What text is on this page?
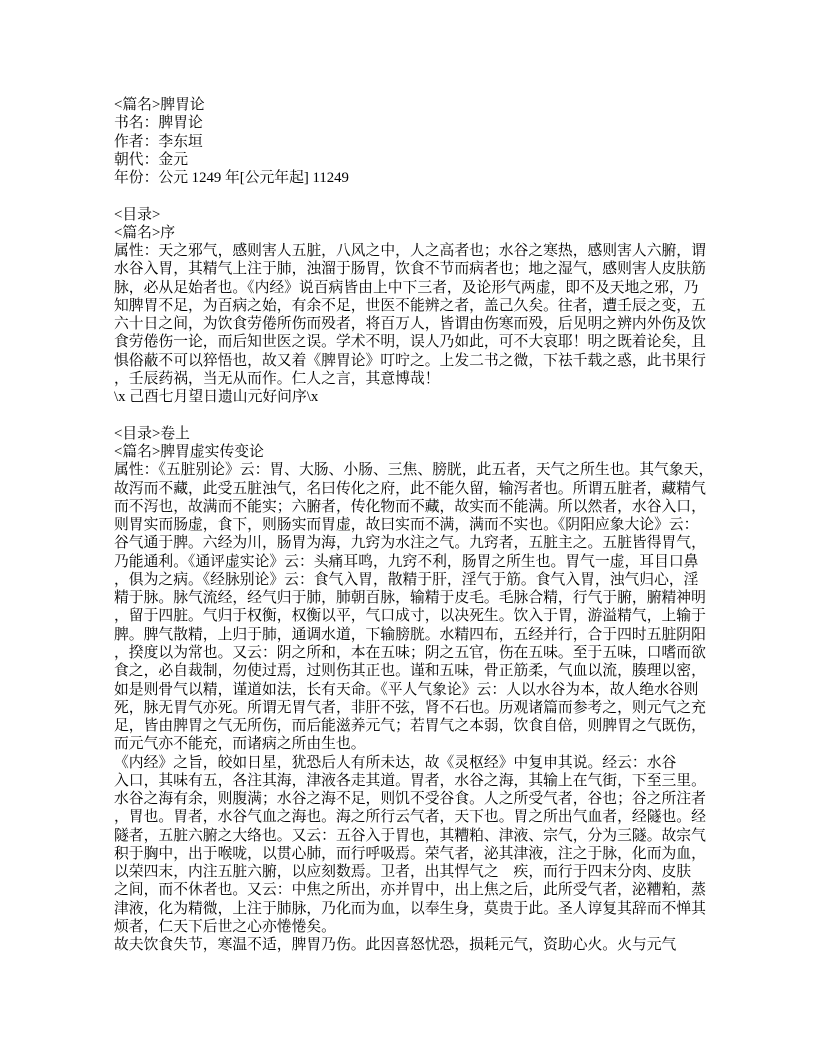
<篇名>脾胃论
书名：脾胃论
作者：李东垣
朝代：金元
年份：公元 1249 年[公元年起] 11249
<目录>
<篇名>序
属性：天之邪气，感则害人五脏，八风之中，人之高者也；水谷之寒热，感则害人六腑，谓
水谷入胃，其精气上注于肺，浊溜于肠胃，饮食不节而病者也；地之湿气，感则害人皮肤筋
脉，必从足始者也。《内经》说百病皆由上中下三者，及论形气两虚，即不及天地之邪，乃
知脾胃不足，为百病之始，有余不足，世医不能辨之者，盖己久矣。往者，遭壬辰之变，五
六十日之间，为饮食劳倦所伤而殁者，将百万人，皆谓由伤寒而殁，后见明之辨内外伤及饮
食劳倦伤一论，而后知世医之误。学术不明，误人乃如此，可不大哀耶！明之既着论矣，且
惧俗蔽不可以猝悟也，故又着《脾胃论》叮咛之。上发二书之微，下祛千载之惑，此书果行
，壬辰药祸，当无从而作。仁人之言，其意博哉！
\x 己酉七月望日遗山元好问序\x
<目录>卷上
<篇名>脾胃虚实传变论
属性：《五脏别论》云：胃、大肠、小肠、三焦、膀胱，此五者，天气之所生也。其气象天，
故泻而不藏，此受五脏浊气，名曰传化之府，此不能久留，输泻者也。所谓五脏者，藏精气
而不泻也，故满而不能实；六腑者，传化物而不藏，故实而不能满。所以然者，水谷入口，
则胃实而肠虚，食下，则肠实而胃虚，故曰实而不满，满而不实也。《阴阳应象大论》云：
谷气通于脾。六经为川，肠胃为海，九窍为水注之气。九窍者，五脏主之。五脏皆得胃气，
乃能通利。《通评虚实论》云：头痛耳鸣，九窍不利，肠胃之所生也。胃气一虚，耳目口鼻
，俱为之病。《经脉别论》云：食气入胃，散精于肝，淫气于筋。食气入胃，浊气归心，淫
精于脉。脉气流经，经气归于肺，肺朝百脉，输精于皮毛。毛脉合精，行气于腑，腑精神明
，留于四脏。气归于权衡，权衡以平，气口成寸，以决死生。饮入于胃，游溢精气，上输于
脾。脾气散精，上归于肺，通调水道，下输膀胱。水精四布，五经并行，合于四时五脏阴阳
，揆度以为常也。又云：阴之所和，本在五味；阴之五官，伤在五味。至于五味，口嗜而欲
食之，必自裁制，勿使过焉，过则伤其正也。谨和五味，骨正筋柔，气血以流，腠理以密，
如是则骨气以精，谨道如法，长有天命。《平人气象论》云：人以水谷为本，故人绝水谷则
死，脉无胃气亦死。所谓无胃气者，非肝不弦，肾不石也。历观诸篇而参考之，则元气之充
足，皆由脾胃之气无所伤，而后能滋养元气；若胃气之本弱，饮食自倍，则脾胃之气既伤，
而元气亦不能充，而诸病之所由生也。
《内经》之旨，皎如日星，犹恐后人有所未达，故《灵枢经》中复申其说。经云：水谷
入口，其味有五，各注其海，津液各走其道。胃者，水谷之海，其输上在气街，下至三里。
水谷之海有余，则腹满；水谷之海不足，则饥不受谷食。人之所受气者，谷也；谷之所注者
，胃也。胃者，水谷气血之海也。海之所行云气者，天下也。胃之所出气血者，经隧也。经
隧者，五脏六腑之大络也。又云：五谷入于胃也，其糟粕、津液、宗气，分为三隧。故宗气
积于胸中，出于喉咙，以贯心肺，而行呼吸焉。荣气者，泌其津液，注之于脉，化而为血，
以荣四末，内注五脏六腑，以应刻数焉。卫者，出其悍气之　疾，而行于四末分肉、皮肤
之间，而不休者也。又云：中焦之所出，亦并胃中，出上焦之后，此所受气者，泌糟粕，蒸
津液，化为精微，上注于肺脉，乃化而为血，以奉生身，莫贵于此。圣人谆复其辞而不惮其
烦者，仁天下后世之心亦惓惓矣。
故夫饮食失节，寒温不适，脾胃乃伤。此因喜怒忧恐，损耗元气，资助心火。火与元气
